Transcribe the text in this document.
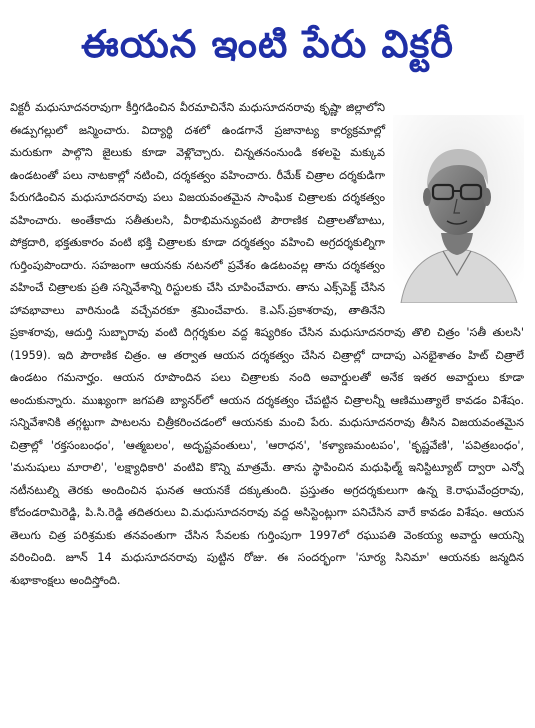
ఈయన ఇంటి పేరు విక్టరీ

విక్టరీ మధుసూదనరావుగా కీర్తిగడించిన వీరమాచినేని మధుసూదనరావు కృష్ణా జిల్లాలోని ఈడ్పుగల్లులో జన్మించారు. విద్యార్థి దశలో ఉండగానే ప్రజానాట్య కార్యక్రమాల్లో మరుకుగా పాల్గొని జైలుకు కూడా వెళ్లొచ్చారు. చిన్నతనంనుండి కళలపై మక్కువ ఉండటంతో పలు నాటకాల్లో నటించి, దర్శకత్వం వహించారు. రీమేక్ చిత్రాల దర్శకుడిగా పేరుగడించిన మధుసూదనరావు పలు విజయవంతమైన సాంఘిక చిత్రాలకు దర్శకత్వం వహించారు. అంతేకాదు సతీతులసి, వీరాభిమన్యువంటి పౌరాణిక చిత్రాలతోబాటు, పోక్రదారి, భక్తతుకారం వంటి భక్తి చిత్రాలకు కూడా దర్శకత్వం వహించి అగ్రదర్శకుల్నిగా గుర్తింపుపొందారు. సహజంగా ఆయనకు నటనలో ప్రవేశం ఉడటంవల్ల తాను దర్శకత్వం వహించే చిత్రాలకు ప్రతి సన్నివేశాన్ని రిస్టులకు చేసి చూపించేవారు. తాను ఎక్స్‌పెక్ట్ చేసిన హావభావాలు వారినుండి వచ్చేవరకూ శ్రమించేవారు. కె.ఎస్.ప్రకాశరావు, తాతినేని ప్రకాశరావు, ఆదుర్తి సుబ్బారావు వంటి దిగ్గర్శకుల వద్ద శిష్యరికం చేసిన మధుసూదనరావు తొలి చిత్రం 'సతీ తులసి' (1959). ఇది పౌరాణిక చిత్రం. ఆ తర్వాత ఆయన దర్శకత్వం చేసిన చిత్రాల్లో దాదాపు ఎనభైశాతం హిట్ చిత్రాలే ఉండటం గమనార్హం. ఆయన రూపొందిన పలు చిత్రాలకు నంది అవార్డులతో అనేక ఇతర అవార్డులు కూడా అందుకున్నారు. ముఖ్యంగా జగపతి బ్యానర్‌లో ఆయన దర్శకత్వం చేపట్టిన చిత్రాలన్నీ ఆణిముత్యాలే కావడం విశేషం. సన్నివేశానికి తగ్గట్టుగా పాటలను చిత్రీకరించడంలో ఆయనకు మంచి పేరు. మధుసూదనరావు తీసిన విజయవంతమైన చిత్రాల్లో 'రక్తసంబంధం', 'ఆత్మబలం', అదృష్టవంతులు', 'ఆరాధన', 'కళ్యాణమంటపం', 'కృష్ణవేణి', 'పవిత్రబంధం', 'మనుషులు మారాలి', 'లక్ష్యాధికారి' వంటివి కొన్ని మాత్రమే. తాను స్థాపించిన మధుఫిల్మ్ ఇనిస్టిట్యూట్ ద్వారా ఎన్నో నటీనటుల్ని తెరకు అందించిన ఘనత ఆయనకే దక్కుతుంది. ప్రస్తుతం అగ్రదర్శకులుగా ఉన్న కె.రాఘవేంద్రరావు, కోదండరామిరెడ్డి, పి.సి.రెడ్డి తదితరులు వి.మధుసూదనరావు వద్ద అసిస్టెంట్లుగా పనిచేసిన వారే కావడం విశేషం. ఆయన తెలుగు చిత్ర పరిశ్రమకు తనవంతుగా చేసిన సేవలకు గుర్తింపుగా 1997లో రఘుపతి వెంకయ్య అవార్డు ఆయన్ని వరించింది. జూన్ 14 మధుసూదనరావు పుట్టిన రోజు. ఈ సందర్భంగా 'సూర్య సినిమా' ఆయనకు జన్మదిన శుభాకాంక్షలు అందిస్తోంది.
